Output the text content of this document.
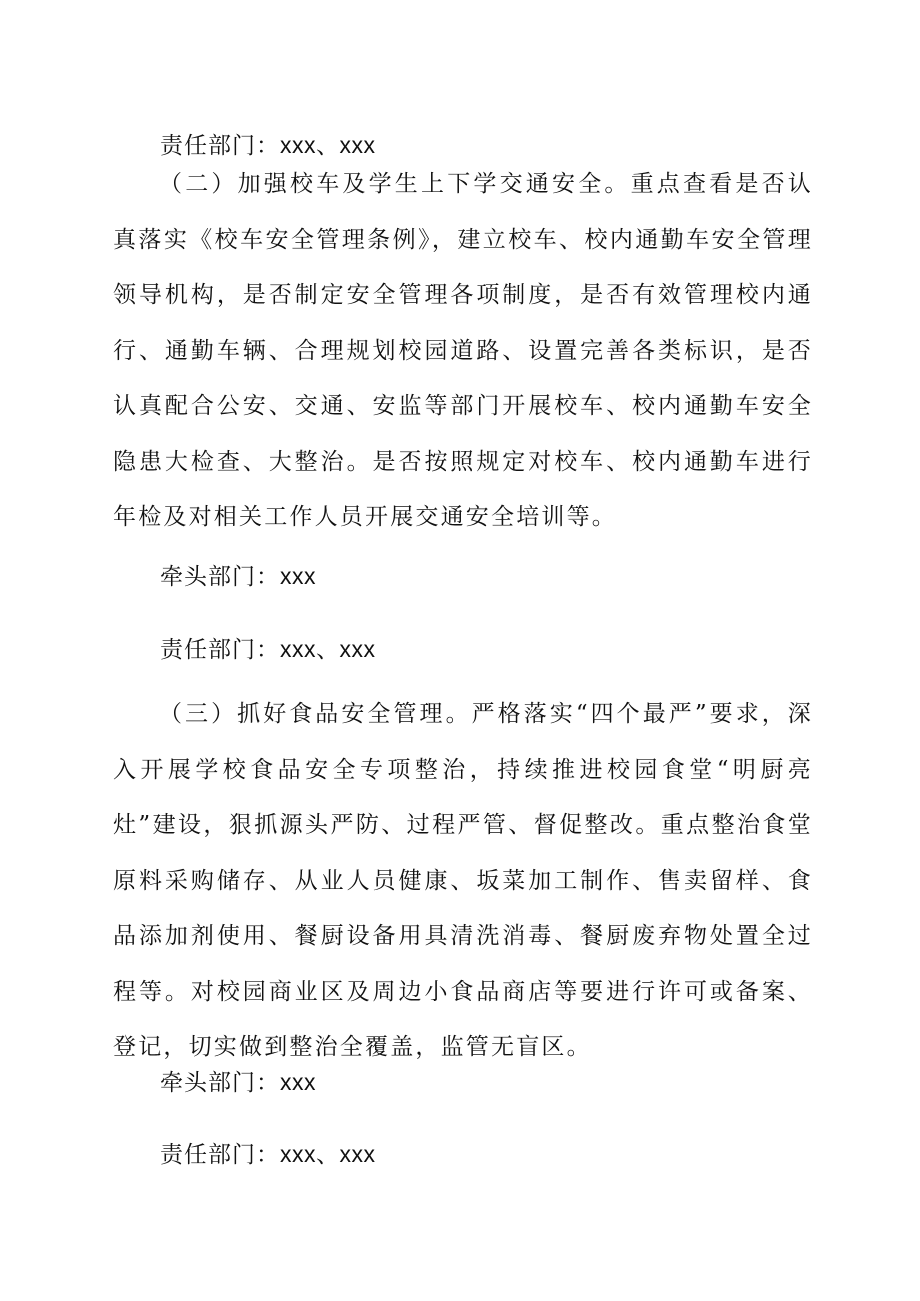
责任部门：xxx、xxx

（二）加强校车及学生上下学交通安全。重点查看是否认真落实《校车安全管理条例》，建立校车、校内通勤车安全管理领导机构，是否制定安全管理各项制度，是否有效管理校内通行、通勤车辆、合理规划校园道路、设置完善各类标识，是否认真配合公安、交通、安监等部门开展校车、校内通勤车安全隐患大检查、大整治。是否按照规定对校车、校内通勤车进行年检及对相关工作人员开展交通安全培训等。

牵头部门：xxx
责任部门：xxx、xxx

（三）抓好食品安全管理。严格落实“四个最严”要求，深入开展学校食品安全专项整治，持续推进校园食堂“明厨亮灶”建设，狠抓源头严防、过程严管、督促整改。重点整治食堂原料采购储存、从业人员健康、坂菜加工制作、售卖留样、食品添加剂使用、餐厨设备用具清洗消毒、餐厨废弃物处置全过程等。对校园商业区及周边小食品商店等要进行许可或备案、登记，切实做到整治全覆盖，监管无盲区。

牵头部门：xxx
责任部门：xxx、xxx
